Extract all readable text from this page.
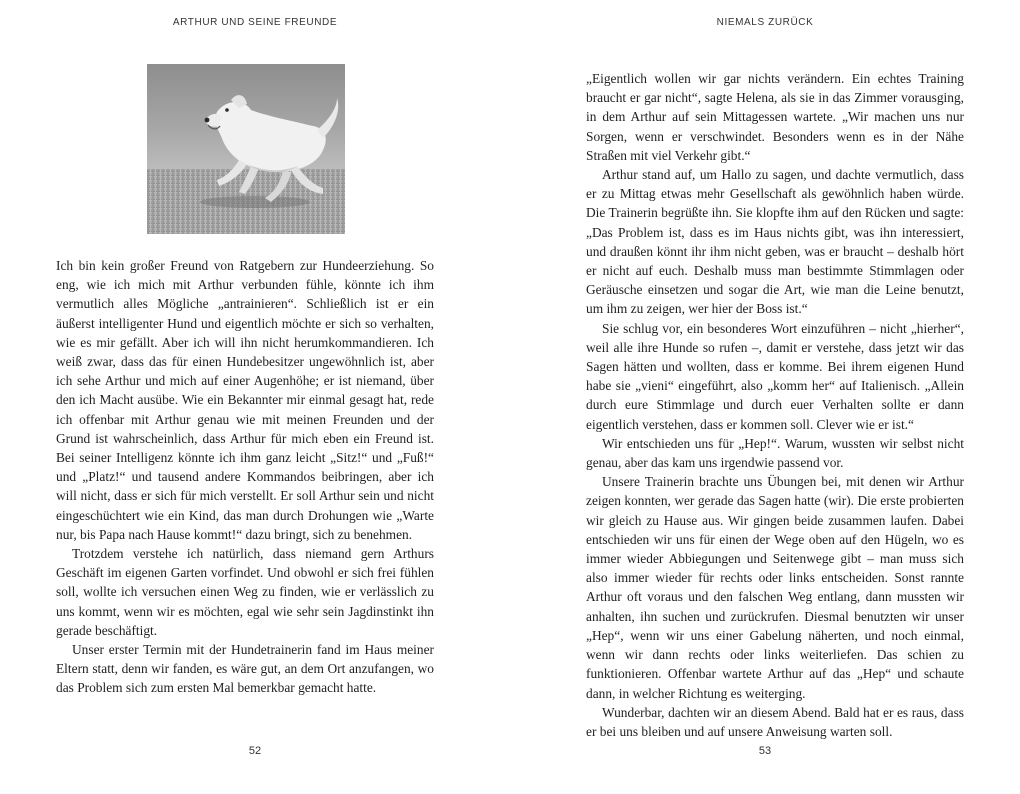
ARTHUR UND SEINE FREUNDE

Ich bin kein großer Freund von Ratgebern zur Hundeerziehung. So eng, wie ich mich mit Arthur verbunden fühle, könnte ich ihm vermutlich alles Mögliche „antrainieren“. Schließlich ist er ein äußerst intelligenter Hund und eigentlich möchte er sich so verhalten, wie es mir gefällt. Aber ich will ihn nicht herumkommandieren. Ich weiß zwar, dass das für einen Hundebesitzer ungewöhnlich ist, aber ich sehe Arthur und mich auf einer Augenhöhe; er ist niemand, über den ich Macht ausübe. Wie ein Bekannter mir einmal gesagt hat, rede ich offenbar mit Arthur genau wie mit meinen Freunden und der Grund ist wahrscheinlich, dass Arthur für mich eben ein Freund ist. Bei seiner Intelligenz könnte ich ihm ganz leicht „Sitz!“ und „Fuß!“ und „Platz!“ und tausend andere Kommandos beibringen, aber ich will nicht, dass er sich für mich verstellt. Er soll Arthur sein und nicht eingeschüchtert wie ein Kind, das man durch Drohungen wie „Warte nur, bis Papa nach Hause kommt!“ dazu bringt, sich zu benehmen.

Trotzdem verstehe ich natürlich, dass niemand gern Arthurs Geschäft im eigenen Garten vorfindet. Und obwohl er sich frei fühlen soll, wollte ich versuchen einen Weg zu finden, wie er verlässlich zu uns kommt, wenn wir es möchten, egal wie sehr sein Jagdinstinkt ihn gerade beschäftigt.

Unser erster Termin mit der Hundetrainerin fand im Haus meiner Eltern statt, denn wir fanden, es wäre gut, an dem Ort anzufangen, wo das Problem sich zum ersten Mal bemerkbar gemacht hatte.

52
NIEMALS ZURÜCK
53

„Eigentlich wollen wir gar nichts verändern. Ein echtes Training braucht er gar nicht“, sagte Helena, als sie in das Zimmer vorausging, in dem Arthur auf sein Mittagessen wartete. „Wir machen uns nur Sorgen, wenn er verschwindet. Besonders wenn es in der Nähe Straßen mit viel Verkehr gibt.“

Arthur stand auf, um Hallo zu sagen, und dachte vermutlich, dass er zu Mittag etwas mehr Gesellschaft als gewöhnlich haben würde. Die Trainerin begrüßte ihn. Sie klopfte ihm auf den Rücken und sagte: „Das Problem ist, dass es im Haus nichts gibt, was ihn interessiert, und draußen könnt ihr ihm nicht geben, was er braucht – deshalb hört er nicht auf euch. Deshalb muss man bestimmte Stimmlagen oder Geräusche einsetzen und sogar die Art, wie man die Leine benutzt, um ihm zu zeigen, wer hier der Boss ist.“

Sie schlug vor, ein besonderes Wort einzuführen – nicht „hierher“, weil alle ihre Hunde so rufen –, damit er verstehe, dass jetzt wir das Sagen hätten und wollten, dass er komme. Bei ihrem eigenen Hund habe sie „vieni“ eingeführt, also „komm her“ auf Italienisch. „Allein durch eure Stimmlage und durch euer Verhalten sollte er dann eigentlich verstehen, dass er kommen soll. Clever wie er ist.“

Wir entschieden uns für „Hep!“. Warum, wussten wir selbst nicht genau, aber das kam uns irgendwie passend vor.

Unsere Trainerin brachte uns Übungen bei, mit denen wir Arthur zeigen konnten, wer gerade das Sagen hatte (wir). Die erste probierten wir gleich zu Hause aus. Wir gingen beide zusammen laufen. Dabei entschieden wir uns für einen der Wege oben auf den Hügeln, wo es immer wieder Abbiegungen und Seitenwege gibt – man muss sich also immer wieder für rechts oder links entscheiden. Sonst rannte Arthur oft voraus und den falschen Weg entlang, dann mussten wir anhalten, ihn suchen und zurückrufen. Diesmal benutzten wir unser „Hep“, wenn wir uns einer Gabelung näherten, und noch einmal, wenn wir dann rechts oder links weiterliefen. Das schien zu funktionieren. Offenbar wartete Arthur auf das „Hep“ und schaute dann, in welcher Richtung es weiterging.

Wunderbar, dachten wir an diesem Abend. Bald hat er es raus, dass er bei uns bleiben und auf unsere Anweisung warten soll.
